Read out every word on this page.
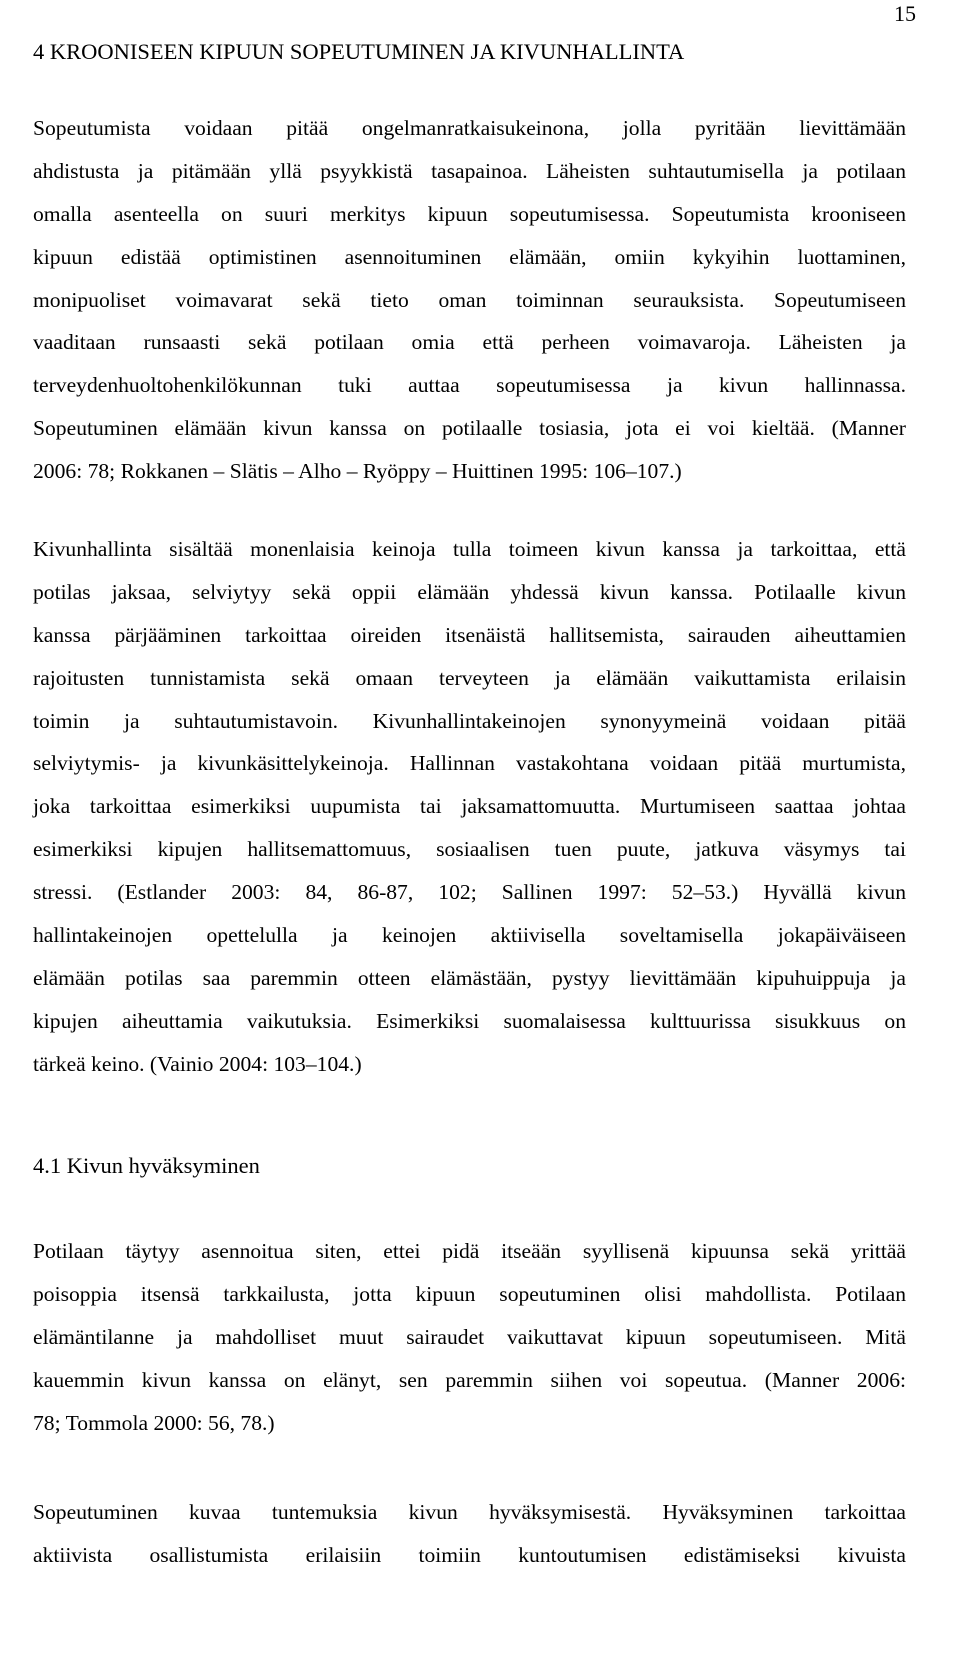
15
4 KROONISEEN KIPUUN SOPEUTUMINEN JA KIVUNHALLINTA
Sopeutumista voidaan pitää ongelmanratkaisukeinona, jolla pyritään lievittämään
ahdistusta ja pitämään yllä psyykkistä tasapainoa. Läheisten suhtautumisella ja potilaan
omalla asenteella on suuri merkitys kipuun sopeutumisessa. Sopeutumista krooniseen
kipuun edistää optimistinen asennoituminen elämään, omiin kykyihin luottaminen,
monipuoliset voimavarat sekä tieto oman toiminnan seurauksista. Sopeutumiseen
vaaditaan runsaasti sekä potilaan omia että perheen voimavaroja. Läheisten ja
terveydenhuoltohenkilökunnan tuki auttaa sopeutumisessa ja kivun hallinnassa.
Sopeutuminen elämään kivun kanssa on potilaalle tosiasia, jota ei voi kieltää. (Manner
2006: 78; Rokkanen – Slätis – Alho – Ryöppy – Huittinen 1995: 106–107.)
Kivunhallinta sisältää monenlaisia keinoja tulla toimeen kivun kanssa ja tarkoittaa, että
potilas jaksaa, selviytyy sekä oppii elämään yhdessä kivun kanssa. Potilaalle kivun
kanssa pärjääminen tarkoittaa oireiden itsenäistä hallitsemista, sairauden aiheuttamien
rajoitusten tunnistamista sekä omaan terveyteen ja elämään vaikuttamista erilaisin
toimin ja suhtautumistavoin. Kivunhallintakeinojen synonyymeinä voidaan pitää
selviytymis- ja kivunkäsittelykeinoja. Hallinnan vastakohtana voidaan pitää murtumista,
joka tarkoittaa esimerkiksi uupumista tai jaksamattomuutta. Murtumiseen saattaa johtaa
esimerkiksi kipujen hallitsemattomuus, sosiaalisen tuen puute, jatkuva väsymys tai
stressi. (Estlander 2003: 84, 86-87, 102; Sallinen 1997: 52–53.) Hyvällä kivun
hallintakeinojen opettelulla ja keinojen aktiivisella soveltamisella jokapäiväiseen
elämään potilas saa paremmin otteen elämästään, pystyy lievittämään kipuhuippuja ja
kipujen aiheuttamia vaikutuksia. Esimerkiksi suomalaisessa kulttuurissa sisukkuus on
tärkeä keino. (Vainio 2004: 103–104.)
4.1 Kivun hyväksyminen
Potilaan täytyy asennoitua siten, ettei pidä itseään syyllisenä kipuunsa sekä yrittää
poisoppia itsensä tarkkailusta, jotta kipuun sopeutuminen olisi mahdollista. Potilaan
elämäntilanne ja mahdolliset muut sairaudet vaikuttavat kipuun sopeutumiseen. Mitä
kauemmin kivun kanssa on elänyt, sen paremmin siihen voi sopeutua. (Manner 2006:
78; Tommola 2000: 56, 78.)
Sopeutuminen kuvaa tuntemuksia kivun hyväksymisestä. Hyväksyminen tarkoittaa
aktiivista osallistumista erilaisiin toimiin kuntoutumisen edistämiseksi kivuista
